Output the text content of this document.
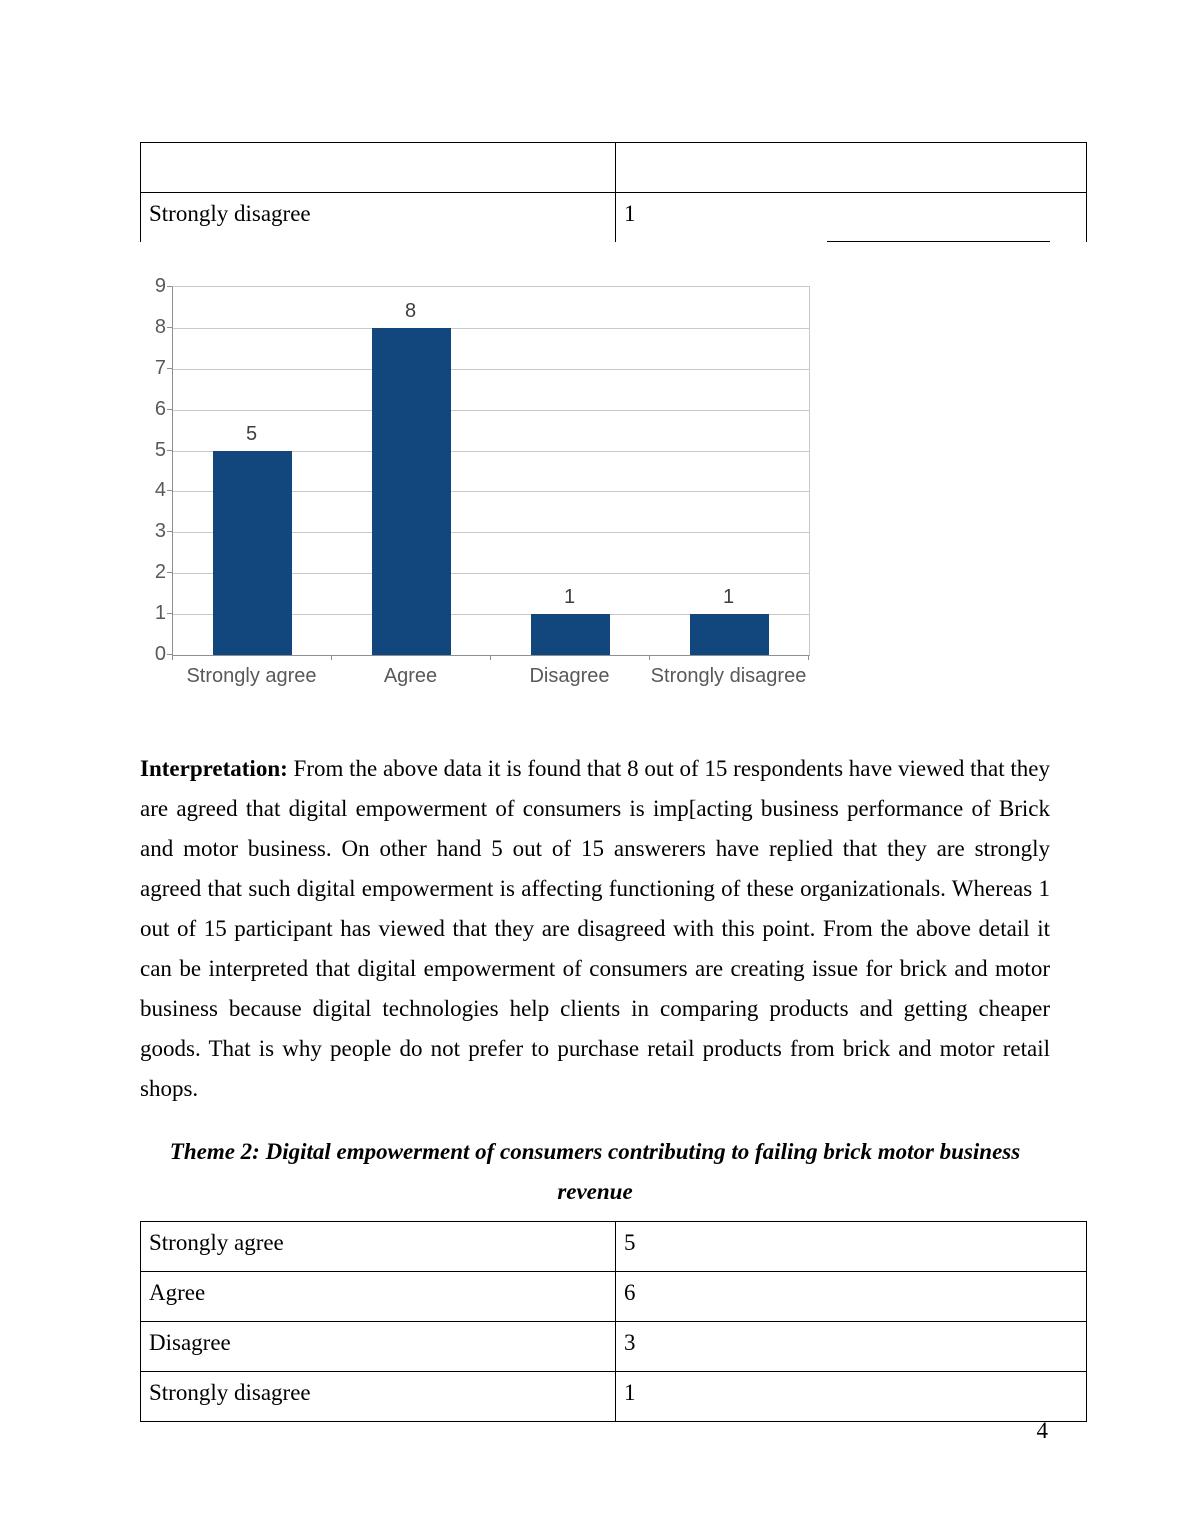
Strongly disagree	1
0
1
2
3
4
5
6
7
8
9
5
Strongly agree
8
Agree
1
Disagree
1
Strongly disagree

Interpretation: From the above data it is found that 8 out of 15 respondents have viewed that they are agreed that digital empowerment of consumers is imp[acting business performance of Brick and motor business. On other hand 5 out of 15 answerers have replied that they are strongly agreed that such digital empowerment is affecting functioning of these organizationals. Whereas 1 out of 15 participant has viewed that they are disagreed with this point. From the above detail it can be interpreted that digital empowerment of consumers are creating issue for brick and motor business because digital technologies help clients in comparing products and getting cheaper goods. That is why people do not prefer to purchase retail products from brick and motor retail shops.

Theme 2: Digital empowerment of consumers contributing to failing brick motor business revenue
Strongly agree	5
Agree	6
Disagree	3
Strongly disagree	1
4
